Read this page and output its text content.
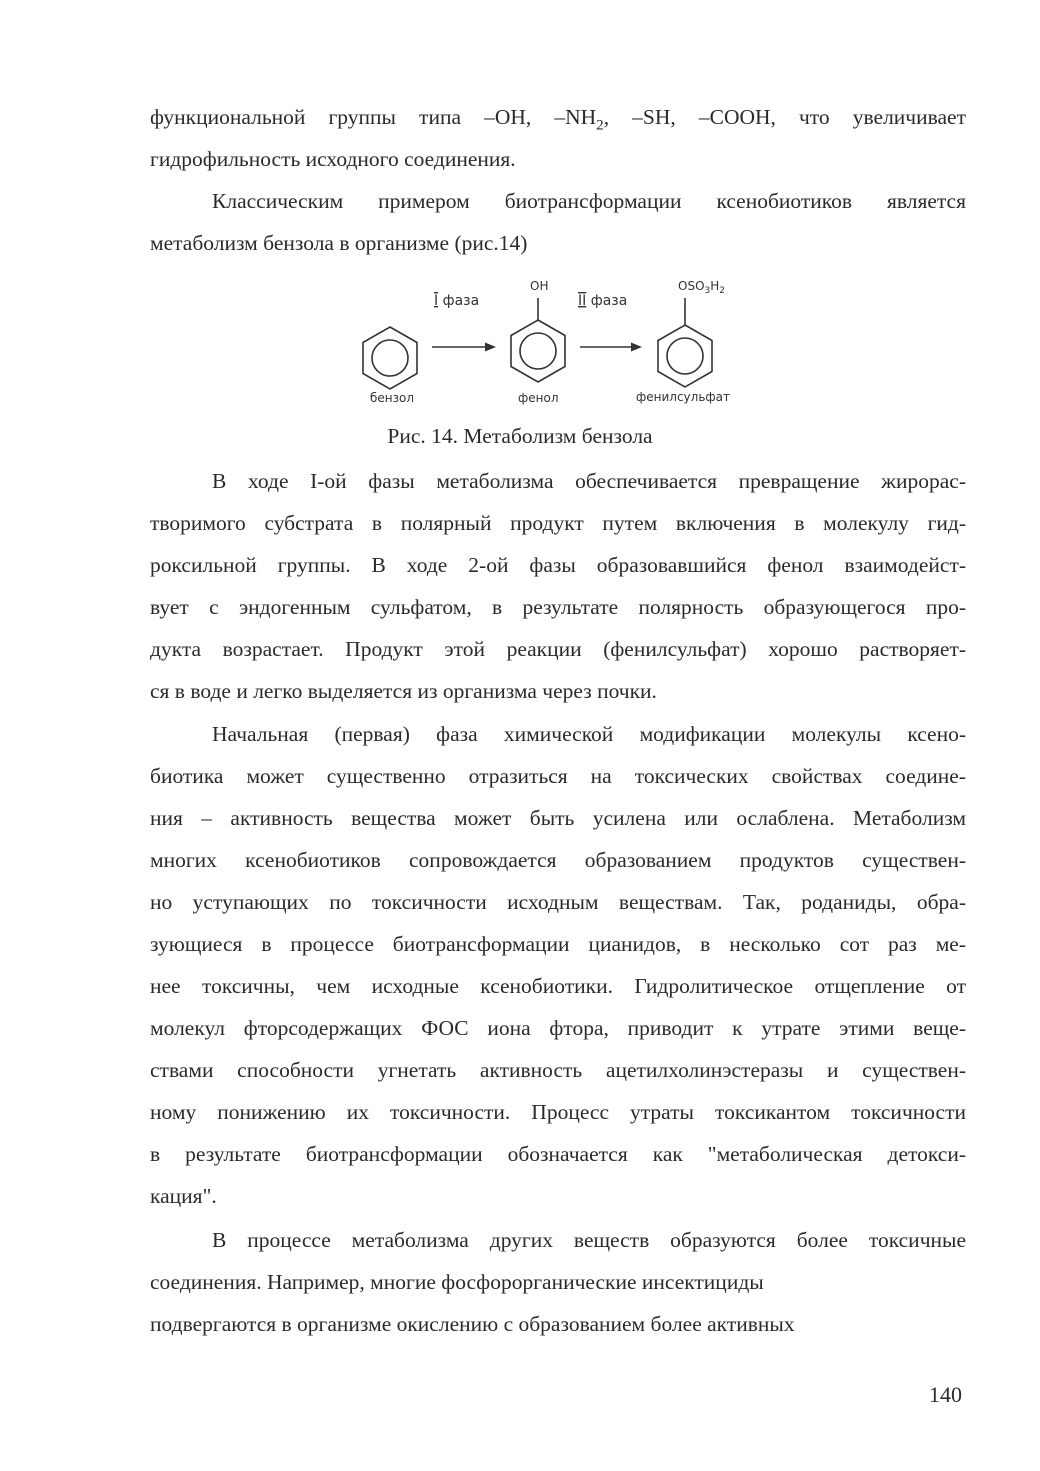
функциональной группы типа –OH, $-NH_2$, –SH, –COOH, что увеличивает
гидрофильность исходного соединения.
Классическим примером биотрансформации ксенобиотиков является
метаболизм бензола в организме (рис.14)
I фаза
OH
II фаза
$OSO_3H_2$
бензол	фенол	фенилсульфат
Рис. 14. Метаболизм бензола
В ходе I-ой фазы метаболизма обеспечивается превращение жирорас-
творимого субстрата в полярный продукт путем включения в молекулу гид-
роксильной группы. В ходе 2-ой фазы образовавшийся фенол взаимодейст-
вует с эндогенным сульфатом, в результате полярность образующегося про-
дукта возрастает. Продукт этой реакции (фенилсульфат) хорошо растворяет-
ся в воде и легко выделяется из организма через почки.
Начальная (первая) фаза химической модификации молекулы ксено-
биотика может существенно отразиться на токсических свойствах соедине-
ния – активность вещества может быть усилена или ослаблена. Метаболизм
многих ксенобиотиков сопровождается образованием продуктов существен-
но уступающих по токсичности исходным веществам. Так, роданиды, обра-
зующиеся в процессе биотрансформации цианидов, в несколько сот раз ме-
нее токсичны, чем исходные ксенобиотики. Гидролитическое отщепление от
молекул фторсодержащих ФОС иона фтора, приводит к утрате этими веще-
ствами способности угнетать активность ацетилхолинэстеразы и существен-
ному понижению их токсичности. Процесс утраты токсикантом токсичности
в результате биотрансформации обозначается как "метаболическая детокси-
кация".
В процессе метаболизма других веществ образуются более токсичные
соединения. Например, многие фосфорорганические инсектициды
подвергаются в организме окислению с образованием более активных
140
